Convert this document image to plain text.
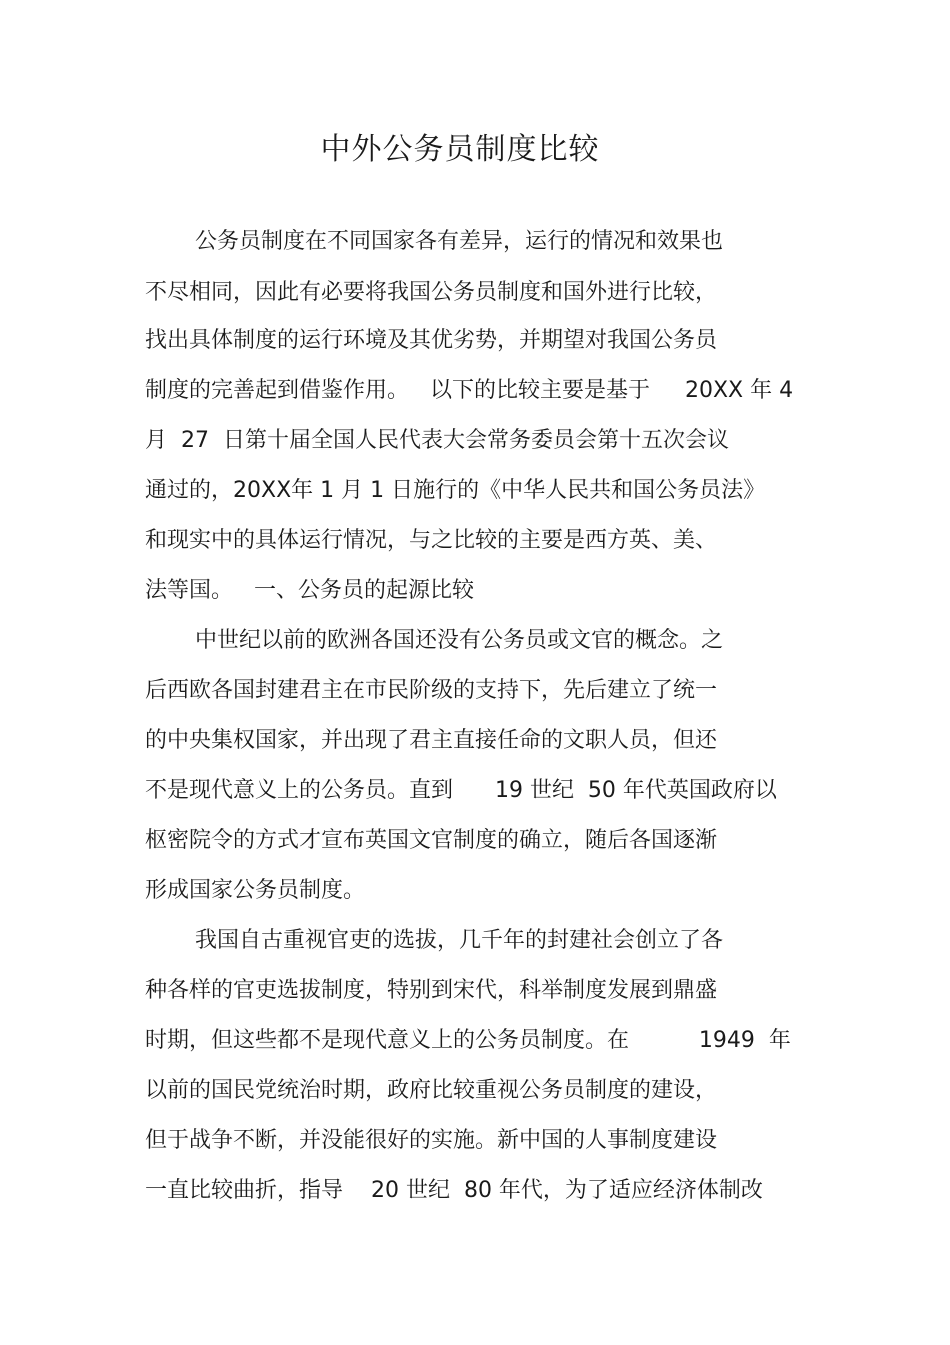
中外公务员制度比较

公务员制度在不同国家各有差异，运行的情况和效果也

不尽相同，因此有必要将我国公务员制度和国外进行比较，

找出具体制度的运行环境及其优劣势，并期望对我国公务员

制度的完善起到借鉴作用。   以下的比较主要是基于     20XX 年 4

月  27  日第十届全国人民代表大会常务委员会第十五次会议

通过的，20XX年 1 月 1 日施行的《中华人民共和国公务员法》

和现实中的具体运行情况，与之比较的主要是西方英、美、

法等国。   一、公务员的起源比较

中世纪以前的欧洲各国还没有公务员或文官的概念。之

后西欧各国封建君主在市民阶级的支持下，先后建立了统一

的中央集权国家，并出现了君主直接任命的文职人员，但还

不是现代意义上的公务员。直到      19 世纪  50 年代英国政府以

枢密院令的方式才宣布英国文官制度的确立，随后各国逐渐

形成国家公务员制度。

我国自古重视官吏的选拔，几千年的封建社会创立了各

种各样的官吏选拔制度，特别到宋代，科举制度发展到鼎盛

时期，但这些都不是现代意义上的公务员制度。在          1949  年

以前的国民党统治时期，政府比较重视公务员制度的建设，

但于战争不断，并没能很好的实施。新中国的人事制度建设

一直比较曲折，指导    20 世纪  80 年代，为了适应经济体制改
